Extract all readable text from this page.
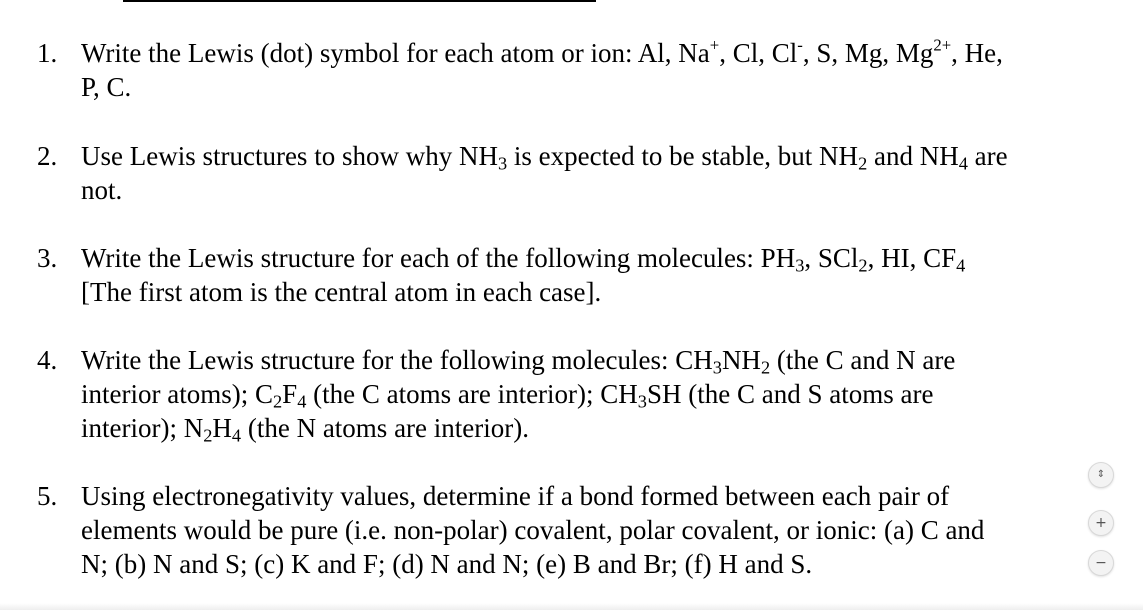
1. Write the Lewis (dot) symbol for each atom or ion: Al, Na+, Cl, Cl-, S, Mg, $Mg^{2+}$, He,
P, C.
2. Use Lewis structures to show why $NH_3$ is expected to be stable, but $NH_2$ and $NH_4$ are
not.
3. Write the Lewis structure for each of the following molecules: $PH_3$, SCl$_2$, HI, $CF_4$
[The first atom is the central atom in each case].
4. Write the Lewis structure for the following molecules: $CH_3NH_2$ (the C and N are
interior atoms); $C_2F_4$ (the C atoms are interior); $CH_3SH$ (the C and S atoms are
interior); $N_2H_4$ (the N atoms are interior).
5. Using electronegativity values, determine if a bond formed between each pair of
elements would be pure (i.e. non-polar) covalent, polar covalent, or ionic: (a) C and
N; (b) N and S; (c) K and F; (d) N and N; (e) B and Br; (f) H and S.
⇕
+
−
